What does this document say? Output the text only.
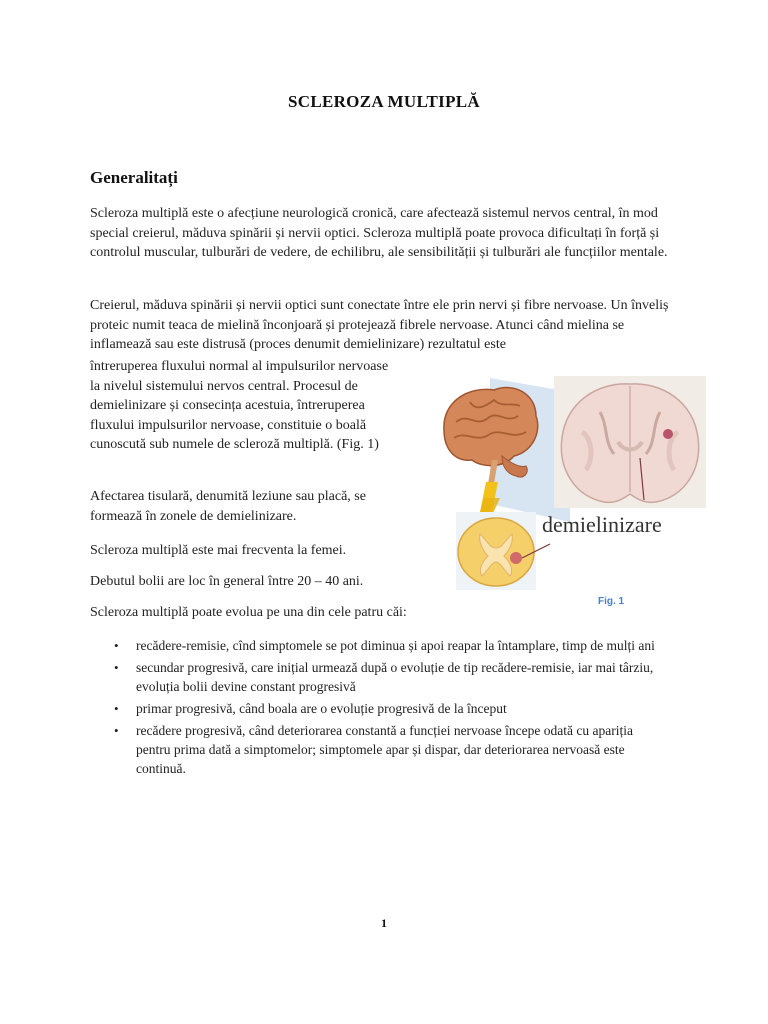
SCLEROZA MULTIPLĂ
Generalitați

Scleroza multiplă este o afecțiune neurologică cronică, care afectează sistemul nervos central, în mod special creierul, măduva spinării și nervii optici. Scleroza multiplă poate provoca dificultați în forță și controlul muscular, tulburări de vedere, de echilibru, ale sensibilității și tulburări ale funcțiilor mentale.

Creierul, măduva spinării și nervii optici sunt conectate între ele prin nervi și fibre nervoase. Un înveliș proteic numit teaca de mielină înconjoară și protejează fibrele nervoase. Atunci când mielina se inflamează sau este distrusă (proces denumit demielinizare) rezultatul este

întreruperea fluxului normal al impulsurilor nervoase la nivelul sistemului nervos central. Procesul de demielinizare și consecința acestuia, întreruperea fluxului impulsurilor nervoase, constituie o boală cunoscută sub numele de scleroză multiplă. (Fig. 1)

demielinizare
Fig. 1

Afectarea tisulară, denumită leziune sau placă, se formează în zonele de demielinizare.

Scleroza multiplă este mai frecventa la femei.

Debutul bolii are loc în general între 20 – 40 ani.

Scleroza multiplă poate evolua pe una din cele patru căi:

• recădere-remisie, cînd simptomele se pot diminua și apoi reapar la întamplare, timp de mulți ani
• secundar progresivă, care inițial urmează după o evoluție de tip recădere-remisie, iar mai târziu, evoluția bolii devine constant progresivă
• primar progresivă, când boala are o evoluție progresivă de la început
• recădere progresivă, când deteriorarea constantă a funcției nervoase începe odată cu apariția pentru prima dată a simptomelor; simptomele apar și dispar, dar deteriorarea nervoasă este continuă.
1
